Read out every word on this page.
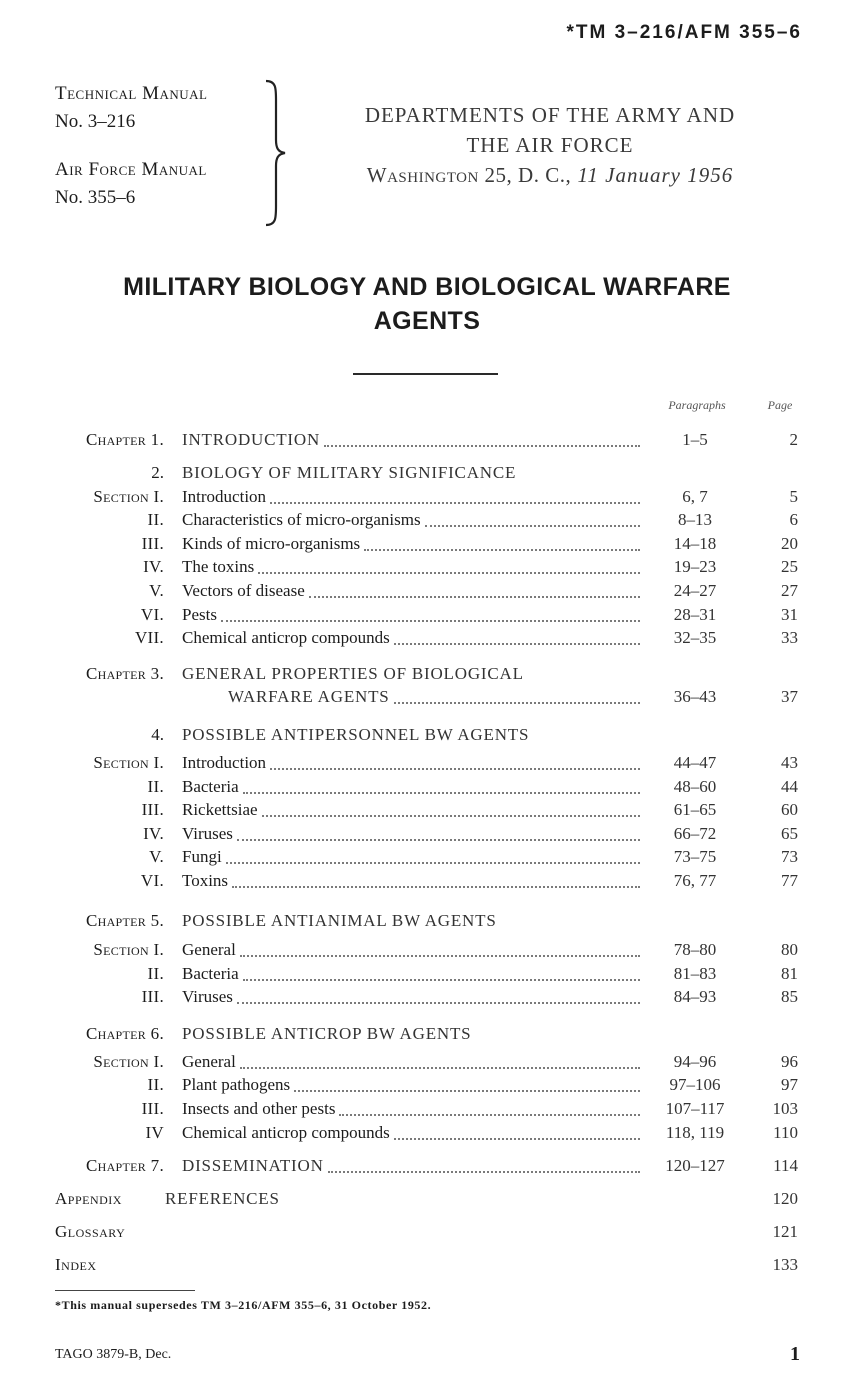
*TM 3–216/AFM 355–6
Technical Manual
No. 3–216
Air Force Manual
No. 355–6
DEPARTMENTS OF THE ARMY AND
THE AIR FORCE
Washington 25, D. C., 11 January 1956
MILITARY BIOLOGY AND BIOLOGICAL WARFARE
AGENTS
Paragraphs	Page
Chapter 1. INTRODUCTION	1–5	2
2. BIOLOGY OF MILITARY SIGNIFICANCE
Section I. Introduction	6, 7	5
II. Characteristics of micro-organisms	8–13	6
III. Kinds of micro-organisms	14–18	20
IV. The toxins	19–23	25
V. Vectors of disease	24–27	27
VI. Pests	28–31	31
VII. Chemical anticrop compounds	32–35	33
Chapter 3. GENERAL PROPERTIES OF BIOLOGICAL
WARFARE AGENTS	36–43	37
4. POSSIBLE ANTIPERSONNEL BW AGENTS
Section I. Introduction	44–47	43
II. Bacteria	48–60	44
III. Rickettsiae	61–65	60
IV. Viruses	66–72	65
V. Fungi	73–75	73
VI. Toxins	76, 77	77
Chapter 5. POSSIBLE ANTIANIMAL BW AGENTS
Section I. General	78–80	80
II. Bacteria	81–83	81
III. Viruses	84–93	85
Chapter 6. POSSIBLE ANTICROP BW AGENTS
Section I. General	94–96	96
II. Plant pathogens	97–106	97
III. Insects and other pests	107–117	103
IV Chemical anticrop compounds	118, 119	110
Chapter 7. DISSEMINATION	120–127	114
Appendix	REFERENCES	120
Glossary	121
Index	133
*This manual supersedes TM 3–216/AFM 355–6, 31 October 1952.
TAGO 3879-B, Dec.	1
